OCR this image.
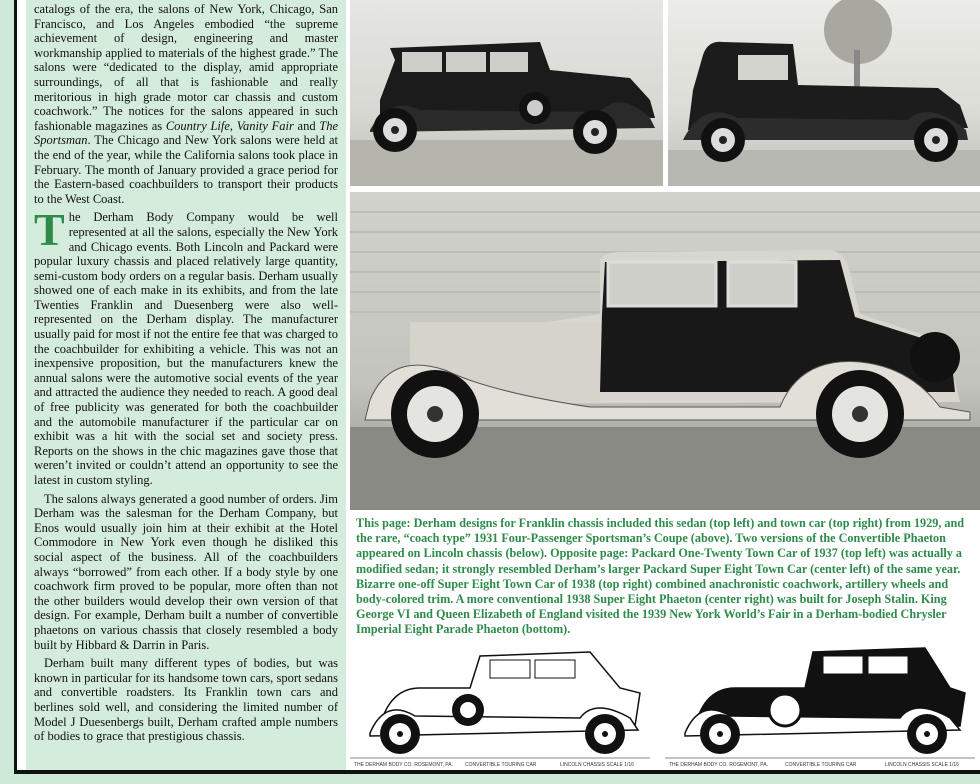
catalogs of the era, the salons of New York, Chicago, San Francisco, and Los Angeles embodied “the supreme achievement of design, engineering and master workmanship applied to materials of the highest grade.” The salons were “dedicated to the display, amid appropriate surroundings, of all that is fashionable and really meritorious in high grade motor car chassis and custom coachwork.” The notices for the salons appeared in such fashionable magazines as Country Life, Vanity Fair and The Sportsman. The Chicago and New York salons were held at the end of the year, while the California salons took place in February. The month of January provided a grace period for the Eastern-based coachbuilders to transport their products to the West Coast.

The Derham Body Company would be well represented at all the salons, especially the New York and Chicago events. Both Lincoln and Packard were popular luxury chassis and placed relatively large quantity, semi-custom body orders on a regular basis. Derham usually showed one of each make in its exhibits, and from the late Twenties Franklin and Duesenberg were also well-represented on the Derham display. The manufacturer usually paid for most if not the entire fee that was charged to the coachbuilder for exhibiting a vehicle. This was not an inexpensive proposition, but the manufacturers knew the annual salons were the automotive social events of the year and attracted the audience they needed to reach. A good deal of free publicity was generated for both the coachbuilder and the automobile manufacturer if the particular car on exhibit was a hit with the social set and society press. Reports on the shows in the chic magazines gave those that weren’t invited or couldn’t attend an opportunity to see the latest in custom styling.

The salons always generated a good number of orders. Jim Derham was the salesman for the Derham Company, but Enos would usually join him at their exhibit at the Hotel Commodore in New York even though he disliked this social aspect of the business. All of the coachbuilders always “borrowed” from each other. If a body style by one coachwork firm proved to be popular, more often than not the other builders would develop their own version of that design. For example, Derham built a number of convertible phaetons on various chassis that closely resembled a body built by Hibbard & Darrin in Paris.

Derham built many different types of bodies, but was known in particular for its handsome town cars, sport sedans and convertible roadsters. Its Franklin town cars and berlines sold well, and considering the limited number of Model J Duesenbergs built, Derham crafted ample numbers of bodies to grace that prestigious chassis.

This page: Derham designs for Franklin chassis included this sedan (top left) and town car (top right) from 1929, and the rare, “coach type” 1931 Four-Passenger Sportsman’s Coupe (above). Two versions of the Convertible Phaeton appeared on Lincoln chassis (below). Opposite page: Packard One-Twenty Town Car of 1937 (top left) was actually a modified sedan; it strongly resembled Derham’s larger Packard Super Eight Town Car (center left) of the same year. Bizarre one-off Super Eight Town Car of 1938 (top right) combined anachronistic coachwork, artillery wheels and body-colored trim. A more conventional 1938 Super Eight Phaeton (center right) was built for Joseph Stalin. King George VI and Queen Elizabeth of England visited the 1939 New York World’s Fair in a Derham-bodied Chrysler Imperial Eight Parade Phaeton (bottom).
THE DERHAM BODY CO. ROSEMONT, PA. CONVERTIBLE TOURING CAR	LINCOLN CHASSIS SCALE 1/16	THE DERHAM BODY CO. ROSEMONT, PA.	CONVERTIBLE TOURING CAR	LINCOLN CHASSIS SCALE 1/16
